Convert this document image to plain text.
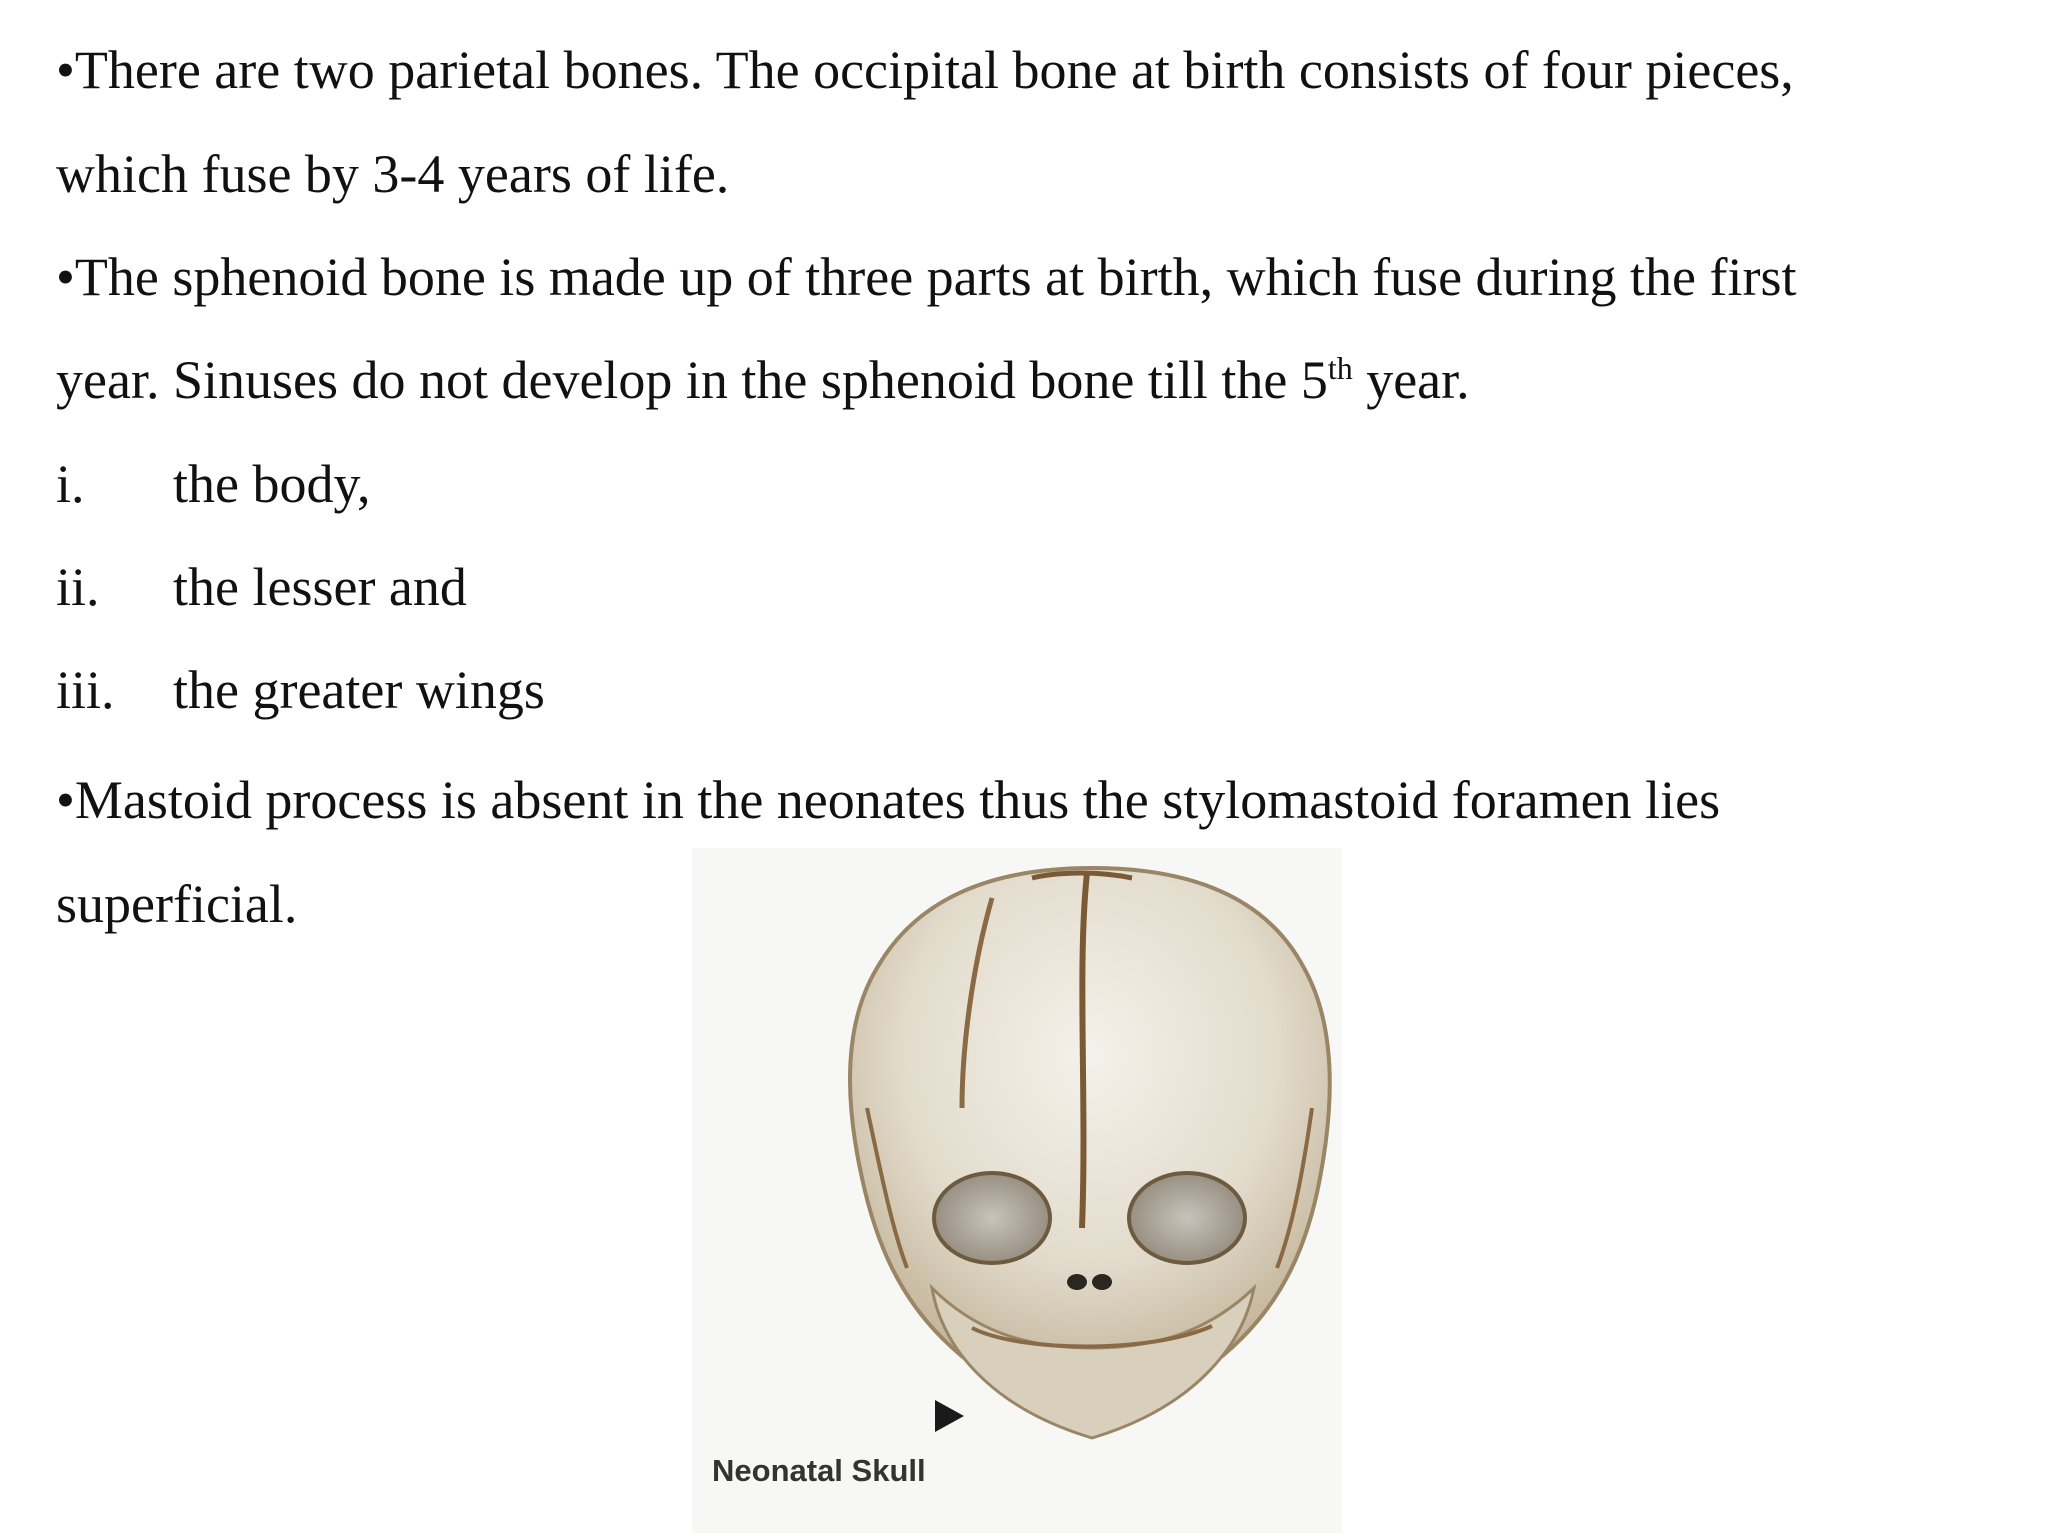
•There are two parietal bones. The occipital bone at birth consists of four pieces,
which fuse by 3-4 years of life.
•The sphenoid bone is made up of three parts at birth, which fuse during the first
year. Sinuses do not develop in the sphenoid bone till the 5th year.
i. the body,
ii. the lesser and
iii. the greater wings
•Mastoid process is absent in the neonates thus the stylomastoid foramen lies
superficial.
Neonatal Skull
